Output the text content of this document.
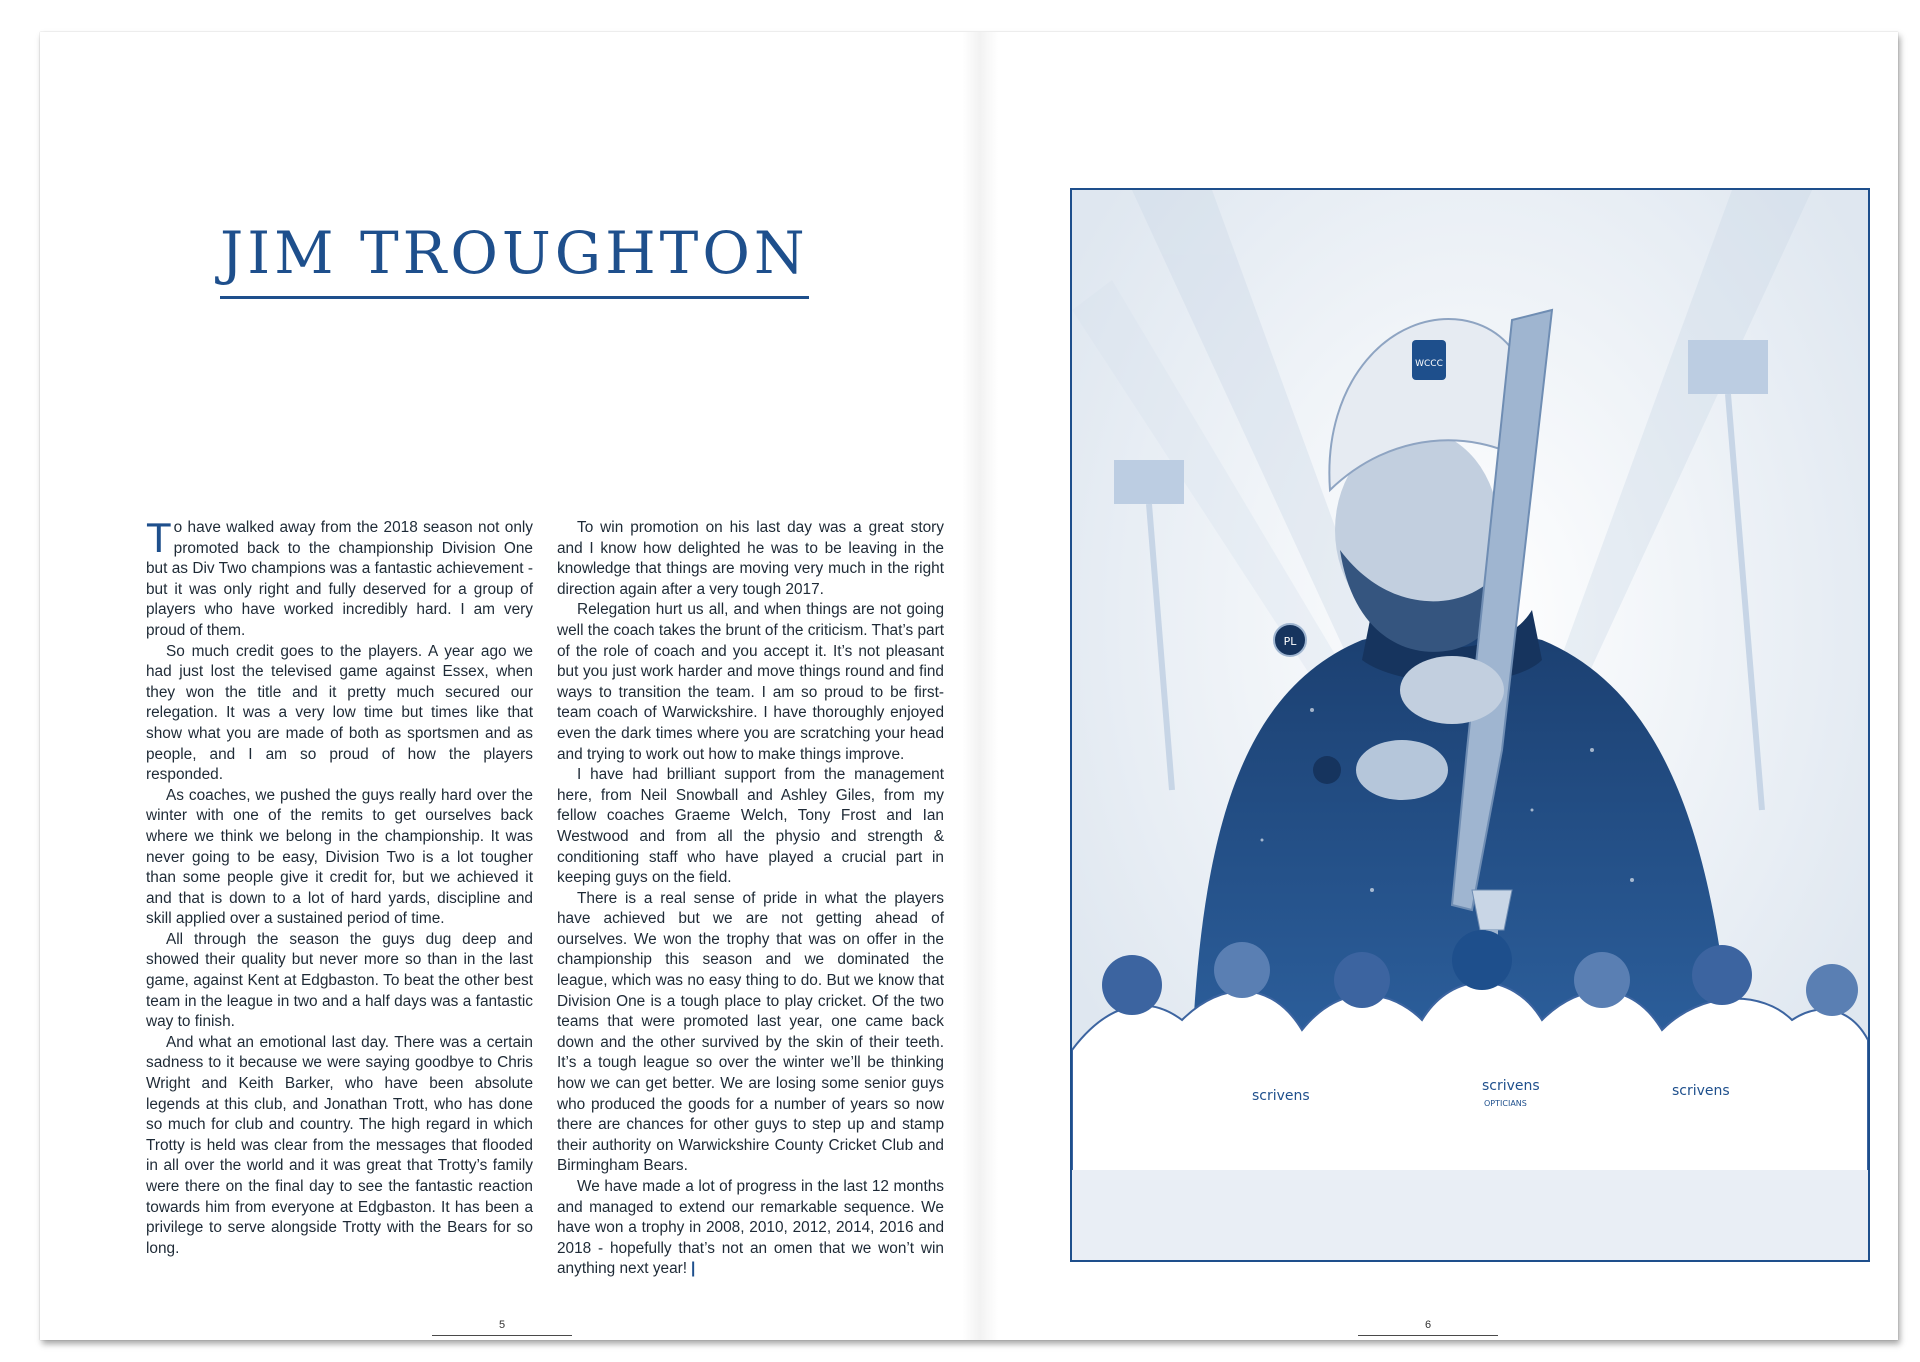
JIM TROUGHTON

To have walked away from the 2018 season not only promoted back to the championship Division One but as Div Two champions was a fantastic achievement - but it was only right and fully deserved for a group of players who have worked incredibly hard. I am very proud of them.

So much credit goes to the players. A year ago we had just lost the televised game against Essex, when they won the title and it pretty much secured our relegation. It was a very low time but times like that show what you are made of both as sportsmen and as people, and I am so proud of how the players responded.

As coaches, we pushed the guys really hard over the winter with one of the remits to get ourselves back where we think we belong in the championship. It was never going to be easy, Division Two is a lot tougher than some people give it credit for, but we achieved it and that is down to a lot of hard yards, discipline and skill applied over a sustained period of time.

All through the season the guys dug deep and showed their quality but never more so than in the last game, against Kent at Edgbaston. To beat the other best team in the league in two and a half days was a fantastic way to finish.

And what an emotional last day. There was a certain sadness to it because we were saying goodbye to Chris Wright and Keith Barker, who have been absolute legends at this club, and Jonathan Trott, who has done so much for club and country. The high regard in which Trotty is held was clear from the messages that flooded in all over the world and it was great that Trotty’s family were there on the final day to see the fantastic reaction towards him from everyone at Edgbaston. It has been a privilege to serve alongside Trotty with the Bears for so long.

To win promotion on his last day was a great story and I know how delighted he was to be leaving in the knowledge that things are moving very much in the right direction again after a very tough 2017.

Relegation hurt us all, and when things are not going well the coach takes the brunt of the criticism. That’s part of the role of coach and you accept it. It’s not pleasant but you just work harder and move things round and find ways to transition the team. I am so proud to be first-team coach of Warwickshire. I have thoroughly enjoyed even the dark times where you are scratching your head and trying to work out how to make things improve.

I have had brilliant support from the management here, from Neil Snowball and Ashley Giles, from my fellow coaches Graeme Welch, Tony Frost and Ian Westwood and from all the physio and strength & conditioning staff who have played a crucial part in keeping guys on the field.

There is a real sense of pride in what the players have achieved but we are not getting ahead of ourselves. We won the trophy that was on offer in the championship this season and we dominated the league, which was no easy thing to do. But we know that Division One is a tough place to play cricket. Of the two teams that were promoted last year, one came back down and the other survived by the skin of their teeth. It’s a tough league so over the winter we’ll be thinking how we can get better. We are losing some senior guys who produced the goods for a number of years so now there are chances for other guys to step up and stamp their authority on Warwickshire County Cricket Club and Birmingham Bears.

We have made a lot of progress in the last 12 months and managed to extend our remarkable sequence. We have won a trophy in 2008, 2010, 2012, 2014, 2016 and 2018 - hopefully that’s not an omen that we won’t win anything next year! |

5	6
WCCC
PL
scrivens
scrivens
OPTICIANS
scrivens
